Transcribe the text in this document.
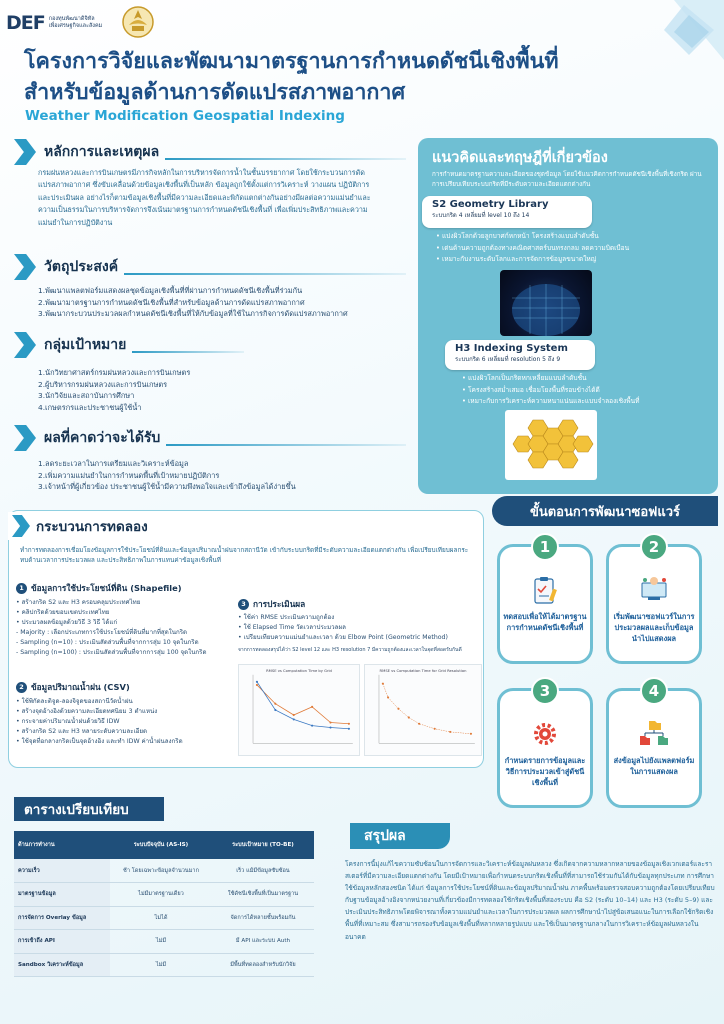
DEF กองทุนพัฒนาดิจิทัล
เพื่อเศรษฐกิจและสังคม
โครงการวิจัยและพัฒนามาตรฐานการกำหนดดัชนีเชิงพื้นที่
สำหรับข้อมูลด้านการดัดแปรสภาพอากาศ
Weather Modification Geospatial Indexing
หลักการและเหตุผล
กรมฝนหลวงและการบินเกษตรมีภารกิจหลักในการบริหารจัดการน้ำในชั้นบรรยากาศ โดยใช้กระบวนการดัดแปรสภาพอากาศ ซึ่งขับเคลื่อนด้วยข้อมูลเชิงพื้นที่เป็นหลัก ข้อมูลถูกใช้ตั้งแต่การวิเคราะห์ วางแผน ปฏิบัติการ และประเมินผล อย่างไรก็ตามข้อมูลเชิงพื้นที่มีความละเอียดและพิกัดแตกต่างกันอย่างมีผลต่อความแม่นยำและความเป็นธรรมในการบริหารจัดการจึงเน้นมาตรฐานการกำหนดดัชนีเชิงพื้นที่ เพื่อเพิ่มประสิทธิภาพและความแม่นยำในการปฏิบัติงาน
วัตถุประสงค์
1.พัฒนาแพลตฟอร์มแสดงผลชุดข้อมูลเชิงพื้นที่ที่ผ่านการกำหนดดัชนีเชิงพื้นที่ร่วมกัน
2.พัฒนามาตรฐานการกำหนดดัชนีเชิงพื้นที่สำหรับข้อมูลด้านการดัดแปรสภาพอากาศ
3.พัฒนากระบวนประมวลผลกำหนดดัชนีเชิงพื้นที่ให้กับข้อมูลที่ใช้ในภารกิจการดัดแปรสภาพอากาศ
กลุ่มเป้าหมาย
1.นักวิทยาศาสตร์กรมฝนหลวงและการบินเกษตร
2.ผู้บริหารกรมฝนหลวงและการบินเกษตร
3.นักวิจัยและสถาบันการศึกษา
4.เกษตรกรและประชาชนผู้ใช้น้ำ
ผลที่คาดว่าจะได้รับ
1.ลดระยะเวลาในการเตรียมและวิเคราะห์ข้อมูล
2.เพิ่มความแม่นยำในการกำหนดพื้นที่เป้าหมายปฏิบัติการ
3.เจ้าหน้าที่ผู้เกี่ยวข้อง ประชาชนผู้ใช้น้ำมีความพึงพอใจและเข้าถึงข้อมูลได้ง่ายขึ้น
แนวคิดและทฤษฎีที่เกี่ยวข้อง
การกำหนดมาตรฐานความละเอียดของชุดข้อมูล โดยใช้แนวคิดการกำหนดดัชนีเชิงพื้นที่เชิงกริด ผ่านการเปรียบเทียบระบบกริดที่มีระดับความละเอียดแตกต่างกัน
S2 Geometry Library
ระบบกริด 4 เหลี่ยมที่ level 10 ถึง 14
• แบ่งผิวโลกด้วยลูกบาศก์หกหน้า โครงสร้างแบบลำดับชั้น
• เด่นด้านความถูกต้องทางคณิตศาสตร์บนทรงกลม ลดความบิดเบือน
• เหมาะกับงานระดับโลกและการจัดการข้อมูลขนาดใหญ่
H3 Indexing System
ระบบกริด 6 เหลี่ยมที่ resolution 5 ถึง 9
• แบ่งผิวโลกเป็นกริดหกเหลี่ยมแบบลำดับชั้น
• โครงสร้างสม่ำเสมอ เชื่อมโยงพื้นที่รอบข้างได้ดี
• เหมาะกับการวิเคราะห์ความหนาแน่นและแบบจำลองเชิงพื้นที่
ขั้นตอนการพัฒนาซอฟแวร์
1
ทดสอบเพื่อให้ได้มาตรฐานการกำหนดดัชนีเชิงพื้นที่
2
เริ่มพัฒนาซอฟแวร์ในการประมวลผลและเก็บข้อมูลนำไปแสดงผล
3
กำหนดรายการข้อมูลและ วิธีการประมวลเข้าสู่ดัชนีเชิงพื้นที่
4
ส่งข้อมูลไปยังแพลตฟอร์มในการแสดงผล
กระบวนการทดลอง
ทำการทดลองการเชื่อมโยงข้อมูลการใช้ประโยชน์ที่ดินและข้อมูลปริมาณน้ำฝนจากสถานีวัด เข้ากับระบบกริดที่มีระดับความละเอียดแตกต่างกัน เพื่อเปรียบเทียบผลกระทบด้านเวลาการประมวลผล และประสิทธิภาพในการแทนค่าข้อมูลเชิงพื้นที่
1 ข้อมูลการใช้ประโยชน์ที่ดิน (Shapefile)
• สร้างกริด S2 และ H3 ครอบคลุมประเทศไทย
• คลิปกริดด้วยขอบเขตประเทศไทย
• ประมวลผลข้อมูลด้วยวิธี 3 วิธี ได้แก่
- Majority : เลือกประเภทการใช้ประโยชน์ที่ดินที่มากที่สุดในกริด
- Sampling (n=10) : ประเมินสัดส่วนพื้นที่จากการสุ่ม 10 จุดในกริด
- Sampling (n=100) : ประเมินสัดส่วนพื้นที่จากการสุ่ม 100 จุดในกริด
2 ข้อมูลปริมาณน้ำฝน (CSV)
• ใช้พิกัดละติจูด-ลองจิจูดของสถานีวัดน้ำฝน
• สร้างจุดอ้างอิงด้วยความละเอียดทศนิยม 3 ตำแหน่ง
• กระจายค่าปริมาณน้ำฝนด้วยวิธี IDW
• สร้างกริด S2 และ H3 หลายระดับความละเอียด
• ใช้จุดที่อกลางกริดเป็นจุดอ้างอิง และทำ IDW ค่าน้ำฝนลงกริด
3 การประเมินผล
• ใช้ค่า RMSE ประเมินความถูกต้อง
• ใช้ Elapsed Time วัดเวลาประมวลผล
• เปรียบเทียบความแม่นยำและเวลา ด้วย Elbow Point (Geometric Method)
จากการทดลองสรุปได้ว่า S2 level 12 และ H3 resolution 7 มีความถูกต้องและเวลาในจุดที่สอดรับกันดี
RMSE vs Computation Time by Grid	RMSE vs Computation Time for Grid Resolution
ตารางเปรียบเทียบ
ด้านการทำงาน	ระบบปัจจุบัน (AS-IS)	ระบบเป้าหมาย (TO-BE)
ความเร็ว	ช้า โดยเฉพาะข้อมูลจำนวนมาก	เร็ว แม้มีข้อมูลซับซ้อน
มาตรฐานข้อมูล	ไม่มีมาตรฐานเดียว	ใช้ดัชนีเชิงพื้นที่เป็นมาตรฐาน
การจัดการ Overlay ข้อมูล	ไม่ได้	จัดการได้หลายชั้นพร้อมกัน
การเข้าถึง API	ไม่มี	มี API และระบบ Auth
Sandbox วิเคราะห์ข้อมูล	ไม่มี	มีพื้นที่ทดลองสำหรับนักวิจัย
สรุปผล
โครงการนี้มุ่งแก้ไขความซับซ้อนในการจัดการและวิเคราะห์ข้อมูลฝนหลวง ซึ่งเกิดจากความหลากหลายของข้อมูลเชิงเวกเตอร์และราสเตอร์ที่มีความละเอียดแตกต่างกัน โดยมีเป้าหมายเพื่อกำหนดระบบกริดเชิงพื้นที่ที่สามารถใช้ร่วมกันได้กับข้อมูลทุกประเภท การศึกษาใช้ข้อมูลหลักสองชนิด ได้แก่ ข้อมูลการใช้ประโยชน์ที่ดินและข้อมูลปริมาณน้ำฝน ภาคพื้นพร้อมตรวจสอบความถูกต้องโดยเปรียบเทียบกับฐานข้อมูลอ้างอิงจากหน่วยงานที่เกี่ยวข้องมีการทดลองใช้กริดเชิงพื้นที่สองระบบ คือ S2 (ระดับ 10–14) และ H3 (ระดับ 5–9) และประเมินประสิทธิภาพโดยพิจารณาทั้งความแม่นยำและเวลาในการประมวลผล ผลการศึกษานำไปสู่ข้อเสนอแนะในการเลือกใช้กริดเชิงพื้นที่ที่เหมาะสม ซึ่งสามารถรองรับข้อมูลเชิงพื้นที่หลากหลายรูปแบบ และใช้เป็นมาตรฐานกลางในการวิเคราะห์ข้อมูลฝนหลวงในอนาคต
